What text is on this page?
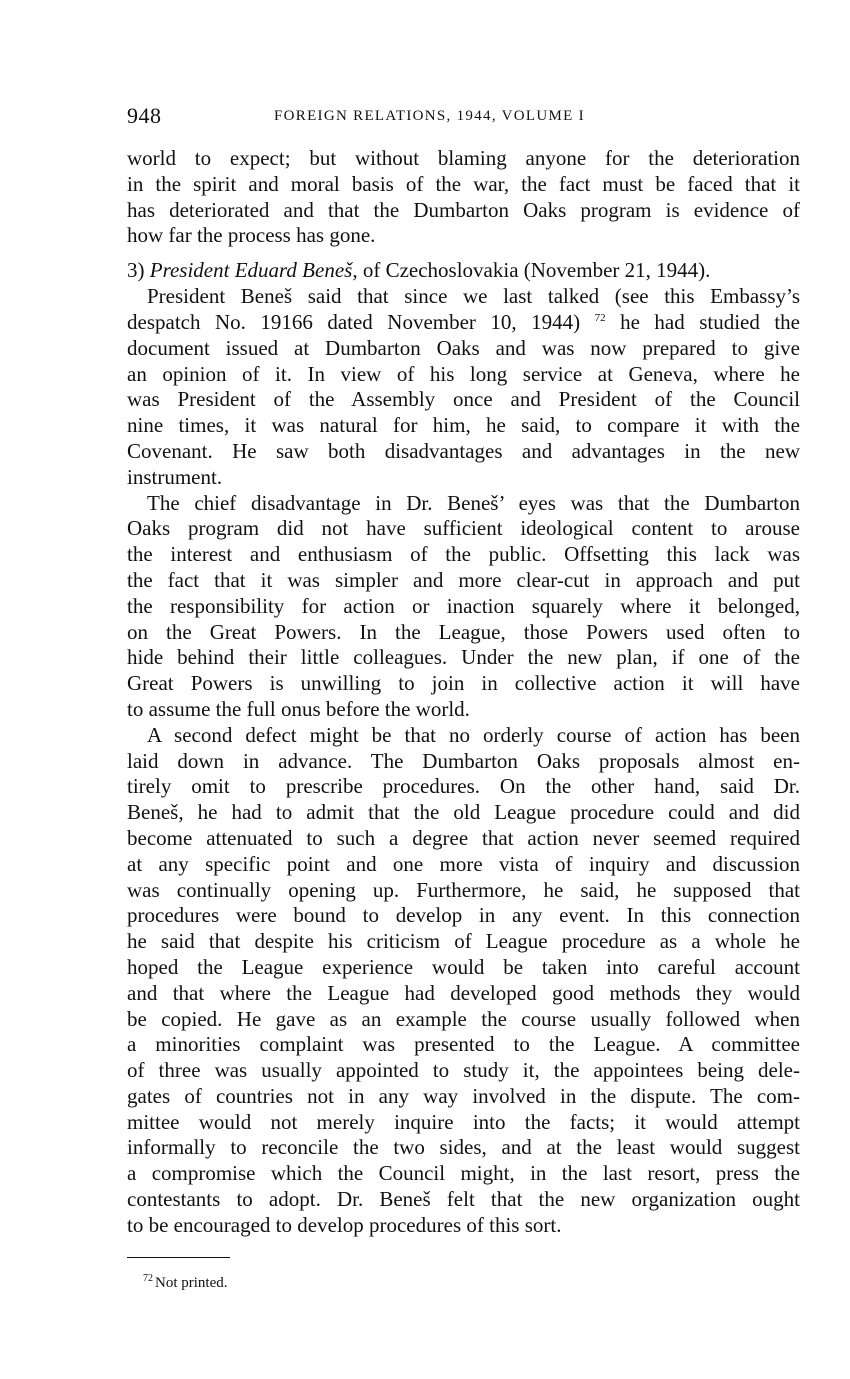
948	FOREIGN RELATIONS, 1944, VOLUME I
world to expect; but without blaming anyone for the deterioration
in the spirit and moral basis of the war, the fact must be faced that it
has deteriorated and that the Dumbarton Oaks program is evidence of
how far the process has gone.
3) President Eduard Beneš, of Czechoslovakia (November 21, 1944).
President Beneš said that since we last talked (see this Embassy’s
despatch No. 19166 dated November 10, 1944) $^{72}$ he had studied the
document issued at Dumbarton Oaks and was now prepared to give
an opinion of it. In view of his long service at Geneva, where he
was President of the Assembly once and President of the Council
nine times, it was natural for him, he said, to compare it with the
Covenant. He saw both disadvantages and advantages in the new
instrument.
The chief disadvantage in Dr. Beneš’ eyes was that the Dumbarton
Oaks program did not have sufficient ideological content to arouse
the interest and enthusiasm of the public. Offsetting this lack was
the fact that it was simpler and more clear-cut in approach and put
the responsibility for action or inaction squarely where it belonged,
on the Great Powers. In the League, those Powers used often to
hide behind their little colleagues. Under the new plan, if one of the
Great Powers is unwilling to join in collective action it will have
to assume the full onus before the world.
A second defect might be that no orderly course of action has been
laid down in advance. The Dumbarton Oaks proposals almost en-
tirely omit to prescribe procedures. On the other hand, said Dr.
Beneš, he had to admit that the old League procedure could and did
become attenuated to such a degree that action never seemed required
at any specific point and one more vista of inquiry and discussion
was continually opening up. Furthermore, he said, he supposed that
procedures were bound to develop in any event. In this connection
he said that despite his criticism of League procedure as a whole he
hoped the League experience would be taken into careful account
and that where the League had developed good methods they would
be copied. He gave as an example the course usually followed when
a minorities complaint was presented to the League. A committee
of three was usually appointed to study it, the appointees being dele-
gates of countries not in any way involved in the dispute. The com-
mittee would not merely inquire into the facts; it would attempt
informally to reconcile the two sides, and at the least would suggest
a compromise which the Council might, in the last resort, press the
contestants to adopt. Dr. Beneš felt that the new organization ought
to be encouraged to develop procedures of this sort.
$^{72}$ Not printed.
